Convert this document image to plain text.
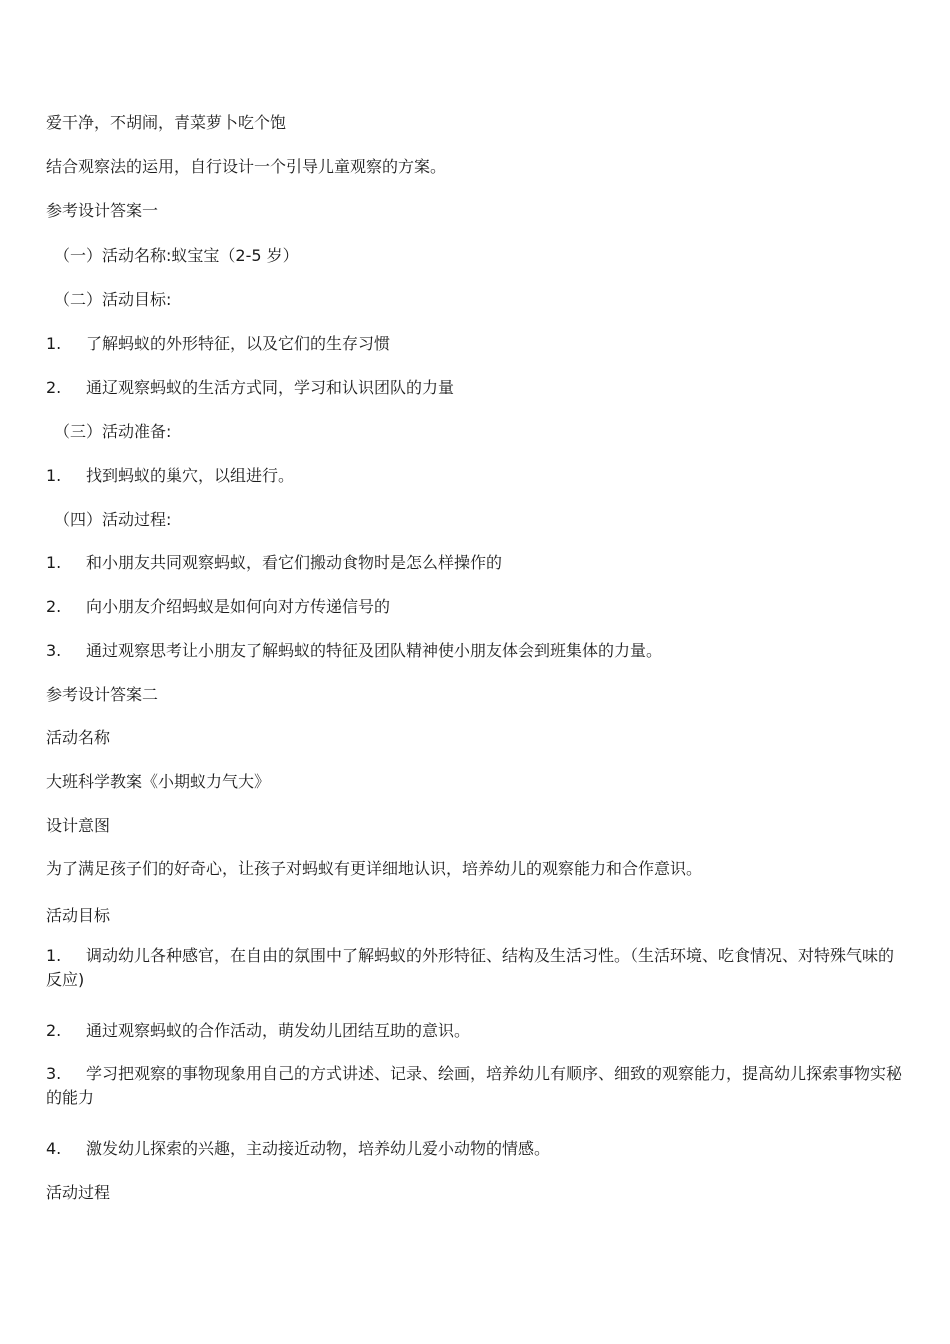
爱干净，不胡闹，青菜萝卜吃个饱
结合观察法的运用，自行设计一个引导儿童观察的方案。
参考设计答案一
（一）活动名称:蚁宝宝（2-5 岁）
（二）活动目标:
1. 了解蚂蚁的外形特征，以及它们的生存习惯
2. 通辽观察蚂蚁的生活方式同，学习和认识团队的力量
（三）活动准备:
1. 找到蚂蚁的巢穴，以组进行。
（四）活动过程:
1. 和小朋友共同观察蚂蚁，看它们搬动食物时是怎么样操作的
2. 向小朋友介绍蚂蚁是如何向对方传递信号的
3. 通过观察思考让小朋友了解蚂蚁的特征及团队精神使小朋友体会到班集体的力量。
参考设计答案二
活动名称
大班科学教案《小期蚁力气大》
设计意图
为了满足孩子们的好奇心，让孩子对蚂蚁有更详细地认识，培养幼儿的观察能力和合作意识。
活动目标
1. 调动幼儿各种感官，在自由的氛围中了解蚂蚁的外形特征、结构及生活习性。（生活环境、吃食情况、对特殊气味的反应)
2. 通过观察蚂蚁的合作活动，萌发幼儿团结互助的意识。
3. 学习把观察的事物现象用自己的方式讲述、记录、绘画，培养幼儿有顺序、细致的观察能力，提高幼儿探索事物实秘的能力
4. 激发幼儿探索的兴趣，主动接近动物，培养幼儿爱小动物的情感。
活动过程
